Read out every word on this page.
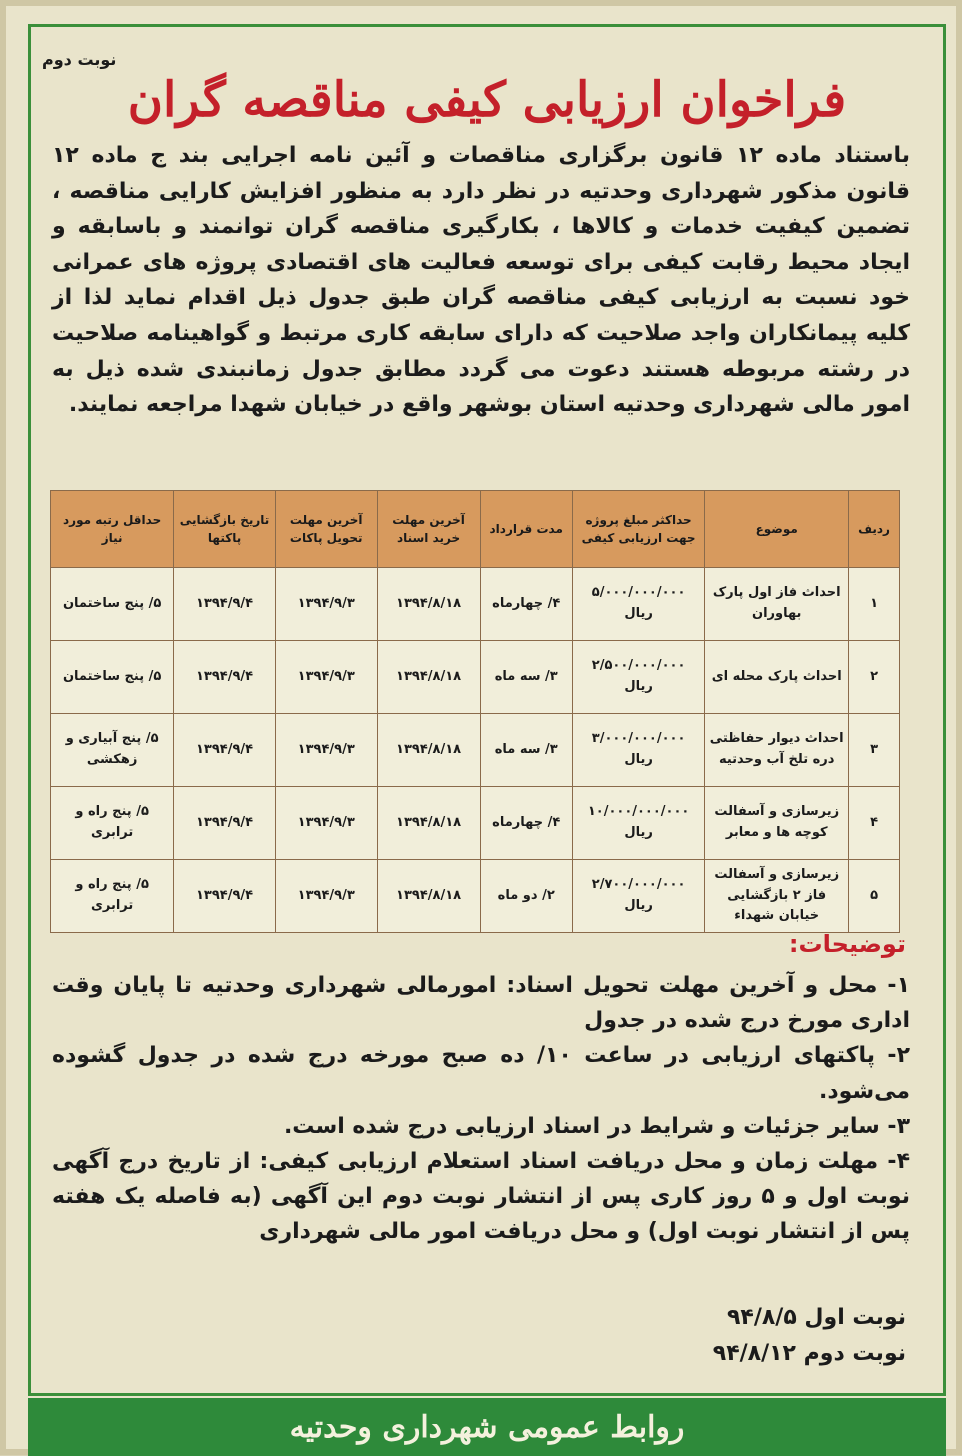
نوبت دوم
فراخوان ارزیابی کیفی مناقصه گران
باستناد ماده ۱۲ قانون برگزاری مناقصات و آئین نامه اجرایی بند ج ماده ۱۲ قانون مذکور شهرداری وحدتیه در نظر دارد به منظور افزایش کارایی مناقصه ، تضمین کیفیت خدمات و کالاها ، بکارگیری مناقصه گران توانمند و باسابقه و ایجاد محیط رقابت کیفی برای توسعه فعالیت های اقتصادی پروژه های عمرانی خود نسبت به ارزیابی کیفی مناقصه گران طبق جدول ذیل اقدام نماید لذا از کلیه پیمانکاران واجد صلاحیت که دارای سابقه کاری مرتبط و گواهینامه صلاحیت در رشته مربوطه هستند دعوت می گردد مطابق جدول زمانبندی شده ذیل به امور مالی شهرداری وحدتیه استان بوشهر واقع در خیابان شهدا مراجعه نمایند.
ردیف	موضوع	حداکثر مبلغ پروژه جهت ارزیابی کیفی	مدت قرارداد	آخرین مهلت خرید اسناد	آخرین مهلت تحویل پاکات	تاریخ بازگشایی پاکتها	حداقل رتبه مورد نیاز
۱	احداث فاز اول پارک بهاوران	۵/۰۰۰/۰۰۰/۰۰۰ ریال	۴/ چهارماه	۱۳۹۴/۸/۱۸	۱۳۹۴/۹/۳	۱۳۹۴/۹/۴	۵/ پنج ساختمان
۲	احداث پارک محله ای	۲/۵۰۰/۰۰۰/۰۰۰ ریال	۳/ سه ماه	۱۳۹۴/۸/۱۸	۱۳۹۴/۹/۳	۱۳۹۴/۹/۴	۵/ پنج ساختمان
۳	احداث دیوار حفاظتی دره تلخ آب وحدتیه	۳/۰۰۰/۰۰۰/۰۰۰ ریال	۳/ سه ماه	۱۳۹۴/۸/۱۸	۱۳۹۴/۹/۳	۱۳۹۴/۹/۴	۵/ پنج آبیاری و زهکشی
۴	زیرسازی و آسفالت کوچه ها و معابر	۱۰/۰۰۰/۰۰۰/۰۰۰ ریال	۴/ چهارماه	۱۳۹۴/۸/۱۸	۱۳۹۴/۹/۳	۱۳۹۴/۹/۴	۵/ پنج راه و ترابری
۵	زیرسازی و آسفالت فاز ۲ بازگشایی خیابان شهداء	۲/۷۰۰/۰۰۰/۰۰۰ ریال	۲/ دو ماه	۱۳۹۴/۸/۱۸	۱۳۹۴/۹/۳	۱۳۹۴/۹/۴	۵/ پنج راه و ترابری
توضیحات:
۱- محل و آخرین مهلت تحویل اسناد: امورمالی شهرداری وحدتیه تا پایان وقت اداری مورخ درج شده در جدول
۲- پاکتهای ارزیابی در ساعت ۱۰/ ده صبح مورخه درج شده در جدول گشوده می‌شود.
۳- سایر جزئیات و شرایط در اسناد ارزیابی درج شده است.
۴- مهلت زمان و محل دریافت اسناد استعلام ارزیابی کیفی: از تاریخ درج آگهی نوبت اول و ۵ روز کاری پس از انتشار نوبت دوم این آگهی (به فاصله یک هفته پس از انتشار نوبت اول) و محل دریافت امور مالی شهرداری
نوبت اول ۹۴/۸/۵
نوبت دوم ۹۴/۸/۱۲
روابط عمومی شهرداری وحدتیه
